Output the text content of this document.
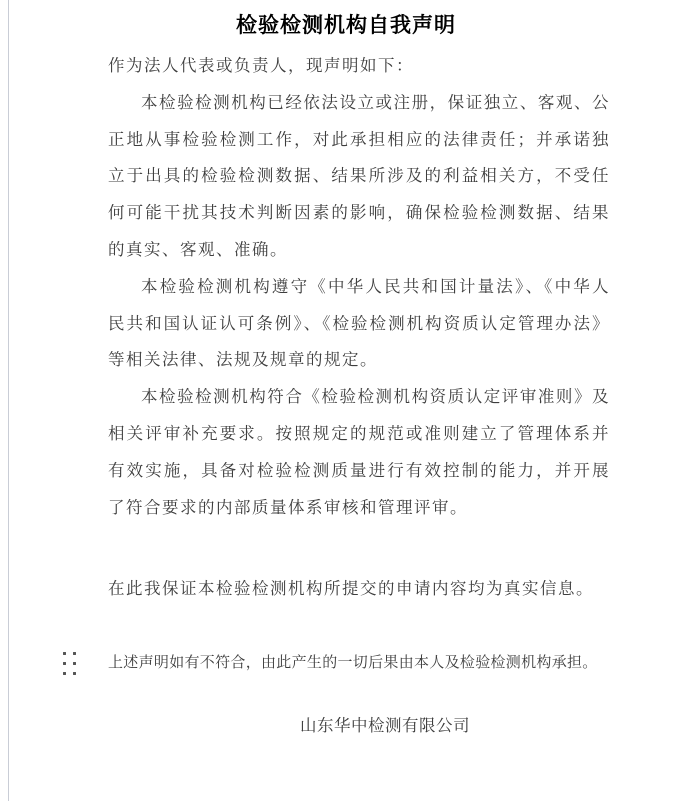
检验检测机构自我声明

作为法人代表或负责人，现声明如下：

本检验检测机构已经依法设立或注册，保证独立、客观、公正地从事检验检测工作，对此承担相应的法律责任；并承诺独立于出具的检验检测数据、结果所涉及的利益相关方，不受任何可能干扰其技术判断因素的影响，确保检验检测数据、结果的真实、客观、准确。

本检验检测机构遵守《中华人民共和国计量法》、《中华人民共和国认证认可条例》、《检验检测机构资质认定管理办法》等相关法律、法规及规章的规定。

本检验检测机构符合《检验检测机构资质认定评审准则》及相关评审补充要求。按照规定的规范或准则建立了管理体系并有效实施，具备对检验检测质量进行有效控制的能力，并开展了符合要求的内部质量体系审核和管理评审。

在此我保证本检验检测机构所提交的申请内容均为真实信息。

上述声明如有不符合，由此产生的一切后果由本人及检验检测机构承担。

山东华中检测有限公司
